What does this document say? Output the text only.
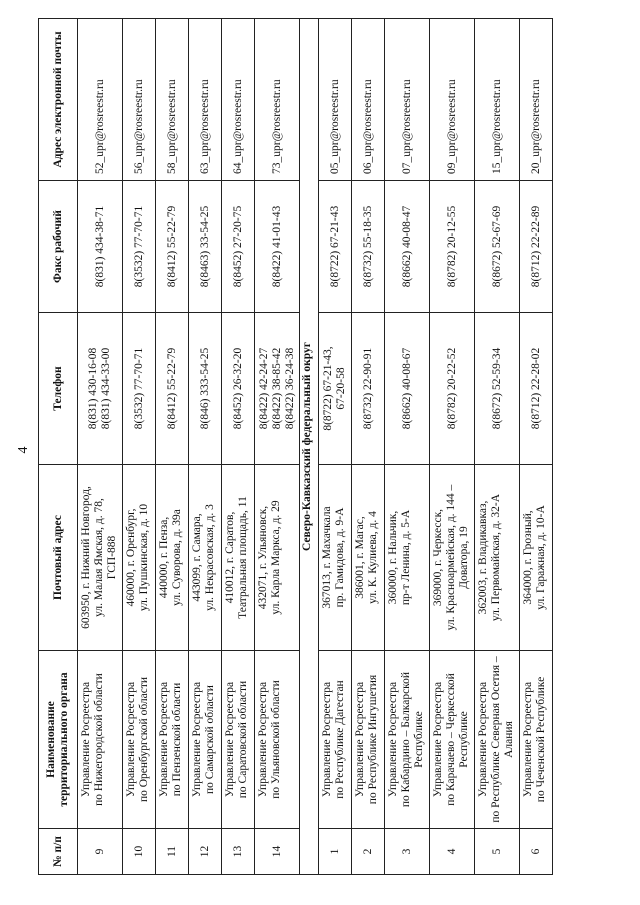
4
№ п/п	Наименование территориального органа	Почтовый адрес	Телефон	Факс рабочий	Адрес электронной почты
9	Управление Росреестра по Нижегородской области	603950, г. Нижний Новгород, ул. Малая Ямская, д. 78, ГСП-888	8(831) 430-16-08 8(831) 434-33-00	8(831) 434-38-71	52_upr@rosreestr.ru
10	Управление Росреестра по Оренбургской области	460000, г. Оренбург, ул. Пушкинская, д. 10	8(3532) 77-70-71	8(3532) 77-70-71	56_upr@rosreestr.ru
11	Управление Росреестра по Пензенской области	440000, г. Пенза, ул. Суворова, д. 39а	8(8412) 55-22-79	8(8412) 55-22-79	58_upr@rosreestr.ru
12	Управление Росреестра по Самарской области	443099, г. Самара, ул. Некрасовская, д. 3	8(846) 333-54-25	8(8463) 33-54-25	63_upr@rosreestr.ru
13	Управление Росреестра по Саратовской области	410012, г. Саратов, Театральная площадь, 11	8(8452) 26-32-20	8(8452) 27-20-75	64_upr@rosreestr.ru
14	Управление Росреестра по Ульяновской области	432071, г. Ульяновск, ул. Карла Маркса, д. 29	8(8422) 42-24-27 8(8422) 38-85-42 8(8422) 36-24-38	8(8422) 41-01-43	73_upr@rosreestr.ru
Северо-Кавказский федеральный округ					
1	Управление Росреестра по Республике Дагестан	367013, г. Махачкала пр. Гамидова, д. 9-А	8(8722) 67-21-43, 67-20-58	8(8722) 67-21-43	05_upr@rosreestr.ru
2	Управление Росреестра по Республике Ингушетия	386001, г. Магас, ул. К. Кулиева, д. 4	8(8732) 22-90-91	8(8732) 55-18-35	06_upr@rosreestr.ru
3	Управление Росреестра по Кабардино – Балкарской Республике	360000, г. Нальчик, пр-т Ленина, д. 5-А	8(8662) 40-08-67	8(8662) 40-08-47	07_upr@rosreestr.ru
4	Управление Росреестра по Карачаево – Черкесской Республике	369000, г. Черкесск, ул. Красноармейская, д. 144 – Доватора, 19	8(8782) 20-22-52	8(8782) 20-12-55	09_upr@rosreestr.ru
5	Управление Росреестра по Республике Северная Осетия – Алания	362003, г. Владикавказ, ул. Первомайская, д. 32-А	8(8672) 52-59-34	8(8672) 52-67-69	15_upr@rosreestr.ru
6	Управление Росреестра по Чеченской Республике	364000, г. Грозный, ул. Гаражная, д. 10-А	8(8712) 22-28-02	8(8712) 22-22-89	20_upr@rosreestr.ru
